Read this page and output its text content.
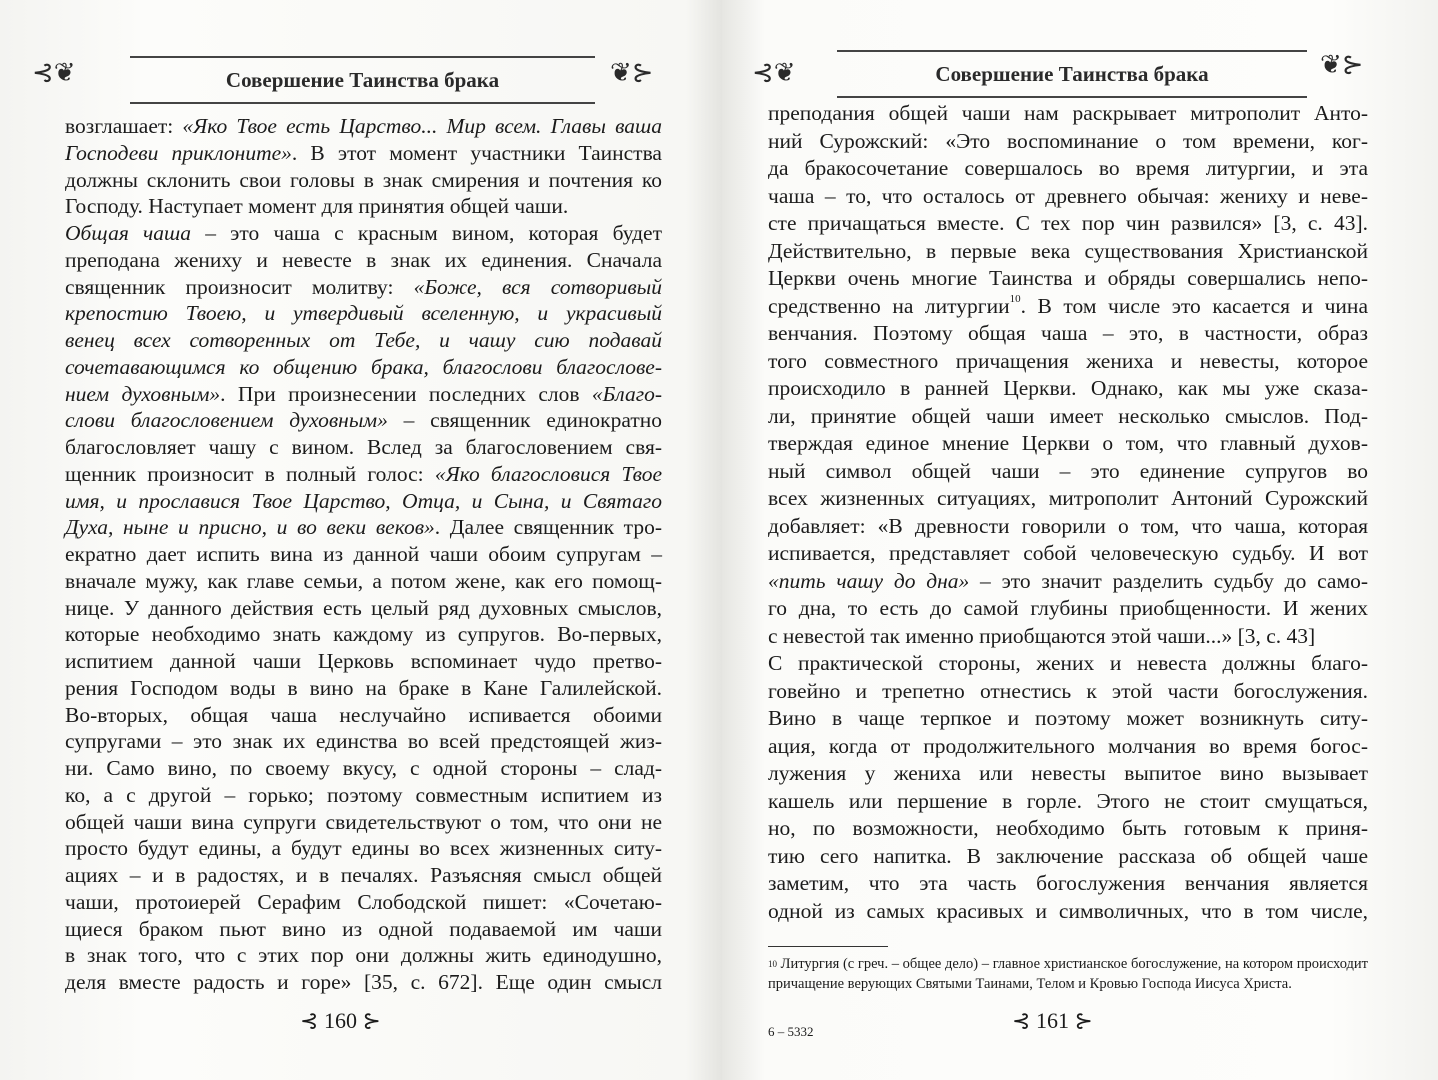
⊰❦	Совершение Таинства брака	❦⊱
возглашает: «Яко Твое есть Царство... Мир всем. Главы ваша
Господеви приклоните». В этот момент участники Таинства
должны склонить свои головы в знак смирения и почтения ко
Господу. Наступает момент для принятия общей чаши.
Общая чаша – это чаша с красным вином, которая будет
преподана жениху и невесте в знак их единения. Сначала
священник произносит молитву: «Боже, вся сотворивый
крепостию Твоею, и утвердивый вселенную, и украсивый
венец всех сотворенных от Тебе, и чашу сию подавай
сочетавающимся ко общению брака, благослови благослове-
нием духовным». При произнесении последних слов «Благо-
слови благословением духовным» – священник единократно
благословляет чашу с вином. Вслед за благословением свя-
щенник произносит в полный голос: «Яко благословися Твое
имя, и прославися Твое Царство, Отца, и Сына, и Святаго
Духа, ныне и присно, и во веки веков». Далее священник тро-
екратно дает испить вина из данной чаши обоим супругам –
вначале мужу, как главе семьи, а потом жене, как его помощ-
нице. У данного действия есть целый ряд духовных смыслов,
которые необходимо знать каждому из супругов. Во-первых,
испитием данной чаши Церковь вспоминает чудо претво-
рения Господом воды в вино на браке в Кане Галилейской.
Во-вторых, общая чаша неслучайно испивается обоими
супругами – это знак их единства во всей предстоящей жиз-
ни. Само вино, по своему вкусу, с одной стороны – слад-
ко, а с другой – горько; поэтому совместным испитием из
общей чаши вина супруги свидетельствуют о том, что они не
просто будут едины, а будут едины во всех жизненных ситу-
ациях – и в радостях, и в печалях. Разъясняя смысл общей
чаши, протоиерей Серафим Слободской пишет: «Сочетаю-
щиеся браком пьют вино из одной подаваемой им чаши
в знак того, что с этих пор они должны жить единодушно,
деля вместе радость и горе» [35, с. 672]. Еще один смысл
⊰ 160 ⊱
⊰❦	Совершение Таинства брака	❦⊱
преподания общей чаши нам раскрывает митрополит Анто-
ний Сурожский: «Это воспоминание о том времени, ког-
да бракосочетание совершалось во время литургии, и эта
чаша – то, что осталось от древнего обычая: жениху и неве-
сте причащаться вместе. С тех пор чин развился» [3, с. 43].
Действительно, в первые века существования Христианской
Церкви очень многие Таинства и обряды совершались непо-
средственно на литургии$^{10}$. В том числе это касается и чина
венчания. Поэтому общая чаша – это, в частности, образ
того совместного причащения жениха и невесты, которое
происходило в ранней Церкви. Однако, как мы уже сказа-
ли, принятие общей чаши имеет несколько смыслов. Под-
тверждая единое мнение Церкви о том, что главный духов-
ный символ общей чаши – это единение супругов во
всех жизненных ситуациях, митрополит Антоний Сурожский
добавляет: «В древности говорили о том, что чаша, которая
испивается, представляет собой человеческую судьбу. И вот
«пить чашу до дна» – это значит разделить судьбу до само-
го дна, то есть до самой глубины приобщенности. И жених
с невестой так именно приобщаются этой чаши...» [3, с. 43]
С практической стороны, жених и невеста должны благо-
говейно и трепетно отнестись к этой части богослужения.
Вино в чаще терпкое и поэтому может возникнуть ситу-
ация, когда от продолжительного молчания во время богос-
лужения у жениха или невесты выпитое вино вызывает
кашель или першение в горле. Этого не стоит смущаться,
но, по возможности, необходимо быть готовым к приня-
тию сего напитка. В заключение рассказа об общей чаше
заметим, что эта часть богослужения венчания является
одной из самых красивых и символичных, что в том числе,
$^{10}$ Литургия (с греч. – общее дело) – главное христианское богослужение, на котором происходит причащение верующих Святыми Таинами, Телом и Кровью Господа Иисуса Христа.
6 – 5332	⊰ 161 ⊱
